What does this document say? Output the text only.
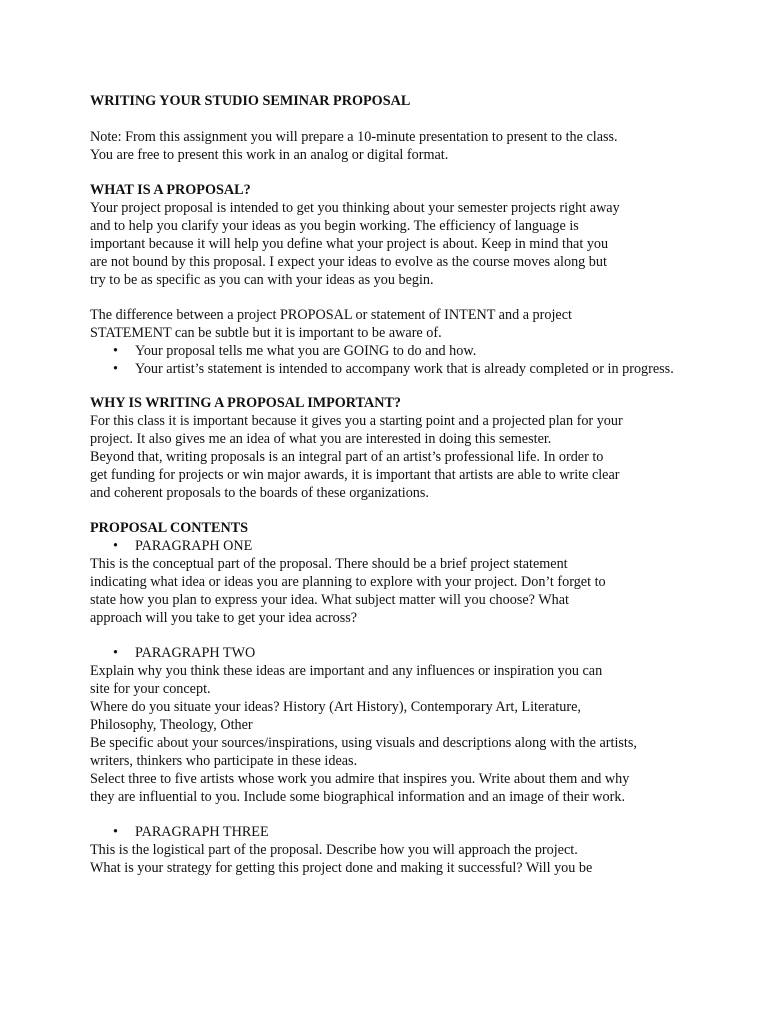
WRITING YOUR STUDIO SEMINAR PROPOSAL

Note: From this assignment you will prepare a 10-minute presentation to present to the class.
You are free to present this work in an analog or digital format.

WHAT IS A PROPOSAL?

Your project proposal is intended to get you thinking about your semester projects right away
and to help you clarify your ideas as you begin working. The efficiency of language is
important because it will help you define what your project is about. Keep in mind that you
are not bound by this proposal. I expect your ideas to evolve as the course moves along but
try to be as specific as you can with your ideas as you begin.

The difference between a project PROPOSAL or statement of INTENT and a project
STATEMENT can be subtle but it is important to be aware of.

• Your proposal tells me what you are GOING to do and how.
• Your artist’s statement is intended to accompany work that is already completed or in progress.

WHY IS WRITING A PROPOSAL IMPORTANT?

For this class it is important because it gives you a starting point and a projected plan for your
project. It also gives me an idea of what you are interested in doing this semester.
Beyond that, writing proposals is an integral part of an artist’s professional life. In order to
get funding for projects or win major awards, it is important that artists are able to write clear
and coherent proposals to the boards of these organizations.

PROPOSAL CONTENTS

• PARAGRAPH ONE

This is the conceptual part of the proposal. There should be a brief project statement
indicating what idea or ideas you are planning to explore with your project. Don’t forget to
state how you plan to express your idea. What subject matter will you choose? What
approach will you take to get your idea across?

• PARAGRAPH TWO

Explain why you think these ideas are important and any influences or inspiration you can
site for your concept.
Where do you situate your ideas? History (Art History), Contemporary Art, Literature,
Philosophy, Theology, Other
Be specific about your sources/inspirations, using visuals and descriptions along with the artists,
writers, thinkers who participate in these ideas.
Select three to five artists whose work you admire that inspires you. Write about them and why
they are influential to you. Include some biographical information and an image of their work.

• PARAGRAPH THREE

This is the logistical part of the proposal. Describe how you will approach the project.
What is your strategy for getting this project done and making it successful? Will you be
